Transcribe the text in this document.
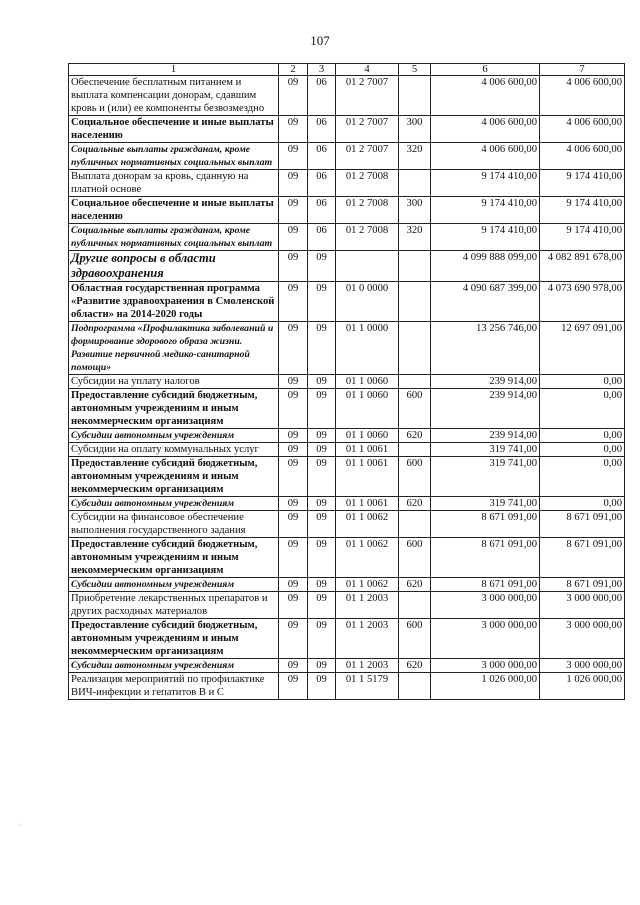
107
1	2	3	4	5	6	7
Обеспечение бесплатным питанием и выплата компенсации донорам, сдавшим кровь и (или) ее компоненты безвозмездно	09	06	01 2 7007		4 006 600,00	4 006 600,00
Социальное обеспечение и иные выплаты населению	09	06	01 2 7007	300	4 006 600,00	4 006 600,00
Социальные выплаты гражданам, кроме публичных нормативных социальных выплат	09	06	01 2 7007	320	4 006 600,00	4 006 600,00
Выплата донорам за кровь, сданную на платной основе	09	06	01 2 7008		9 174 410,00	9 174 410,00
Социальное обеспечение и иные выплаты населению	09	06	01 2 7008	300	9 174 410,00	9 174 410,00
Социальные выплаты гражданам, кроме публичных нормативных социальных выплат	09	06	01 2 7008	320	9 174 410,00	9 174 410,00
Другие вопросы в области здравоохранения	09	09			4 099 888 099,00	4 082 891 678,00
Областная государственная программа «Развитие здравоохранения в Смоленской области» на 2014-2020 годы	09	09	01 0 0000		4 090 687 399,00	4 073 690 978,00
Подпрограмма «Профилактика заболеваний и формирование здорового образа жизни. Развитие первичной медико-санитарной помощи»	09	09	01 1 0000		13 256 746,00	12 697 091,00
Субсидии на уплату налогов	09	09	01 1 0060		239 914,00	0,00
Предоставление субсидий бюджетным, автономным учреждениям и иным некоммерческим организациям	09	09	01 1 0060	600	239 914,00	0,00
Субсидии автономным учреждениям	09	09	01 1 0060	620	239 914,00	0,00
Субсидии на оплату коммунальных услуг	09	09	01 1 0061		319 741,00	0,00
Предоставление субсидий бюджетным, автономным учреждениям и иным некоммерческим организациям	09	09	01 1 0061	600	319 741,00	0,00
Субсидии автономным учреждениям	09	09	01 1 0061	620	319 741,00	0,00
Субсидии на финансовое обеспечение выполнения государственного задания	09	09	01 1 0062		8 671 091,00	8 671 091,00
Предоставление субсидий бюджетным, автономным учреждениям и иным некоммерческим организациям	09	09	01 1 0062	600	8 671 091,00	8 671 091,00
Субсидии автономным учреждениям	09	09	01 1 0062	620	8 671 091,00	8 671 091,00
Приобретение лекарственных препаратов и других расходных материалов	09	09	01 1 2003		3 000 000,00	3 000 000,00
Предоставление субсидий бюджетным, автономным учреждениям и иным некоммерческим организациям	09	09	01 1 2003	600	3 000 000,00	3 000 000,00
Субсидии автономным учреждениям	09	09	01 1 2003	620	3 000 000,00	3 000 000,00
Реализация мероприятий по профилактике ВИЧ-инфекции и гепатитов В и С	09	09	01 1 5179		1 026 000,00	1 026 000,00
'
